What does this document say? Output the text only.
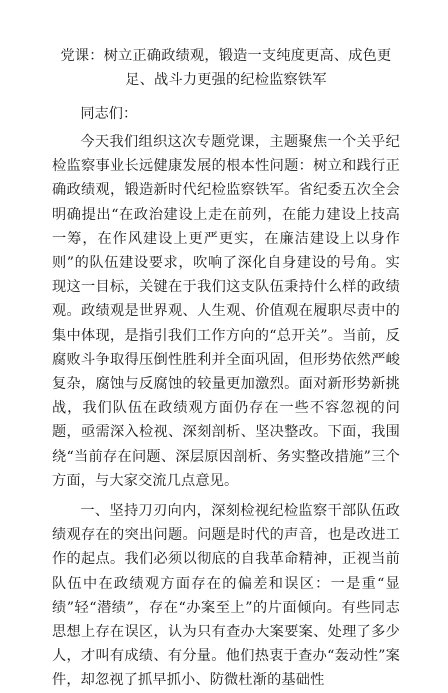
党课：树立正确政绩观，锻造一支纯度更高、成色更足、战斗力更强的纪检监察铁军
同志们：
今天我们组织这次专题党课，主题聚焦一个关乎纪检监察事业长远健康发展的根本性问题：树立和践行正确政绩观，锻造新时代纪检监察铁军。省纪委五次全会明确提出“在政治建设上走在前列，在能力建设上技高一筹，在作风建设上更严更实，在廉洁建设上以身作则”的队伍建设要求，吹响了深化自身建设的号角。实现这一目标，关键在于我们这支队伍秉持什么样的政绩观。政绩观是世界观、人生观、价值观在履职尽责中的集中体现，是指引我们工作方向的“总开关”。当前，反腐败斗争取得压倒性胜利并全面巩固，但形势依然严峻复杂，腐蚀与反腐蚀的较量更加激烈。面对新形势新挑战，我们队伍在政绩观方面仍存在一些不容忽视的问题，亟需深入检视、深刻剖析、坚决整改。下面，我围绕“当前存在问题、深层原因剖析、务实整改措施”三个方面，与大家交流几点意见。
一、坚持刀刃向内，深刻检视纪检监察干部队伍政绩观存在的突出问题。问题是时代的声音，也是改进工作的起点。我们必须以彻底的自我革命精神，正视当前队伍中在政绩观方面存在的偏差和误区：一是重“显绩”轻“潜绩”，存在“办案至上”的片面倾向。有些同志思想上存在误区，认为只有查办大案要案、处理了多少人，才叫有成绩、有分量。他们热衷于查办“轰动性”案件，却忽视了抓早抓小、防微杜渐的基础性
